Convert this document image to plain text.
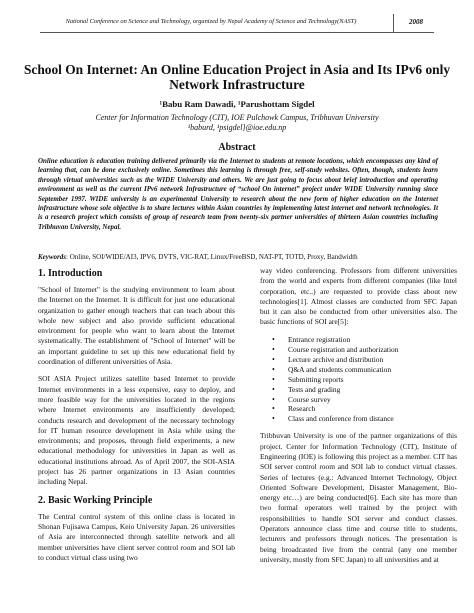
National Conference on Science and Technology, organized by Nepal Academy of Science and Technology(NAST)	2008
School On Internet: An Online Education Project in Asia and Its IPv6 only Network Infrastructure
¹Babu Ram Dawadi, ¹Parushottam Sigdel
Center for Information Technology (CIT), IOE Pulchowk Campus, Tribhuvan University
¹baburd, ¹psigdel}@ioe.edu.np
Abstract
Online education is education training delivered primarily via the Internet to students at remote locations, which encompasses any kind of learning that, can be done exclusively online. Sometimes this learning is through free, self-study websites. Often, though, students learn through virtual universities such as the WIDE University and others. We are just going to focus about brief introduction and operating environment as well as the current IPv6 network Infrastructure of “school On internet” project under WIDE University running since September 1997. WIDE university is an experimental University to research about the new form of higher education on the Internet infrastructure whose sole objective is to share lectures within Asian countries by implementing latest internet and network technologies. It is a research project which consists of group of research team from twenty-six partner universities of thirteen Asian countries including Tribhuvan University, Nepal.
Keywords: Online, SOI/WIDE/AI3, IPV6, DVTS, VIC-RAT, Linux/FreeBSD, NAT-PT, TOTD, Proxy, Bandwidth
1. Introduction

"School of Internet" is the studying environment to learn about the Internet on the Internet. It is difficult for just one educational organization to gather enough teachers that can teach about this whole new subject and also provide sufficient educational environment for people who want to learn about the Internet systematically. The establishment of "School of Internet" will be an important guideline to set up this new educational field by coordination of different universities of Asia.

SOI ASIA Project utilizes satellite based Internet to provide Internet environments in a less expensive, easy to deploy, and more feasible way for the universities located in the regions where Internet environments are insufficiently developed; conducts research and development of the necessary technology for IT human resource development in Asia while using the environments; and proposes, through field experiments, a new educational methodology for universities in Japan as well as educational institutions abroad. As of April 2007, the SOI-ASIA project has 26 partner organizations in 13 Asian countries including Nepal.

2. Basic Working Principle

The Central control system of this online class is located in Shonan Fujisawa Campus, Keio University Japan. 26 universities of Asia are interconnected through satellite network and all member universities have client server control room and SOI lab to conduct virtual class using two

way video conferencing. Professors from different universities from the world and experts from different companies (like Intel corporation, etc..) are requested to provide class about new technologies[1]. Almost classes are conducted from SFC Japan but it can also be conducted from other universities also. The basic functions of SOI are[5]:

• Entrance registration
• Course registration and authorization
• Lecture archive and distribution
• Q&A and students communication
• Submitting reports
• Tests and grading
• Course survey
• Research
• Class and conference from distance

Tribhuvan University is one of the partner organizations of this project. Center for Information Technology (CIT), Institute of Engineering (IOE) is following this project as a member. CIT has SOI server control room and SOI lab to conduct virtual classes. Series of lectures (e.g.: Advanced Internet Technology, Object Oriented Software Development, Disaster Management, Bio-energy etc…) are being conducted[6]. Each site has more than two formal operators well trained by the project with responsibilities to handle SOI server and conduct classes. Operators announce class time and course title to students, lecturers and professors through notices. The presentation is being broadcasted live from the central (any one member university, mostly from SFC Japan) to all universities and at
